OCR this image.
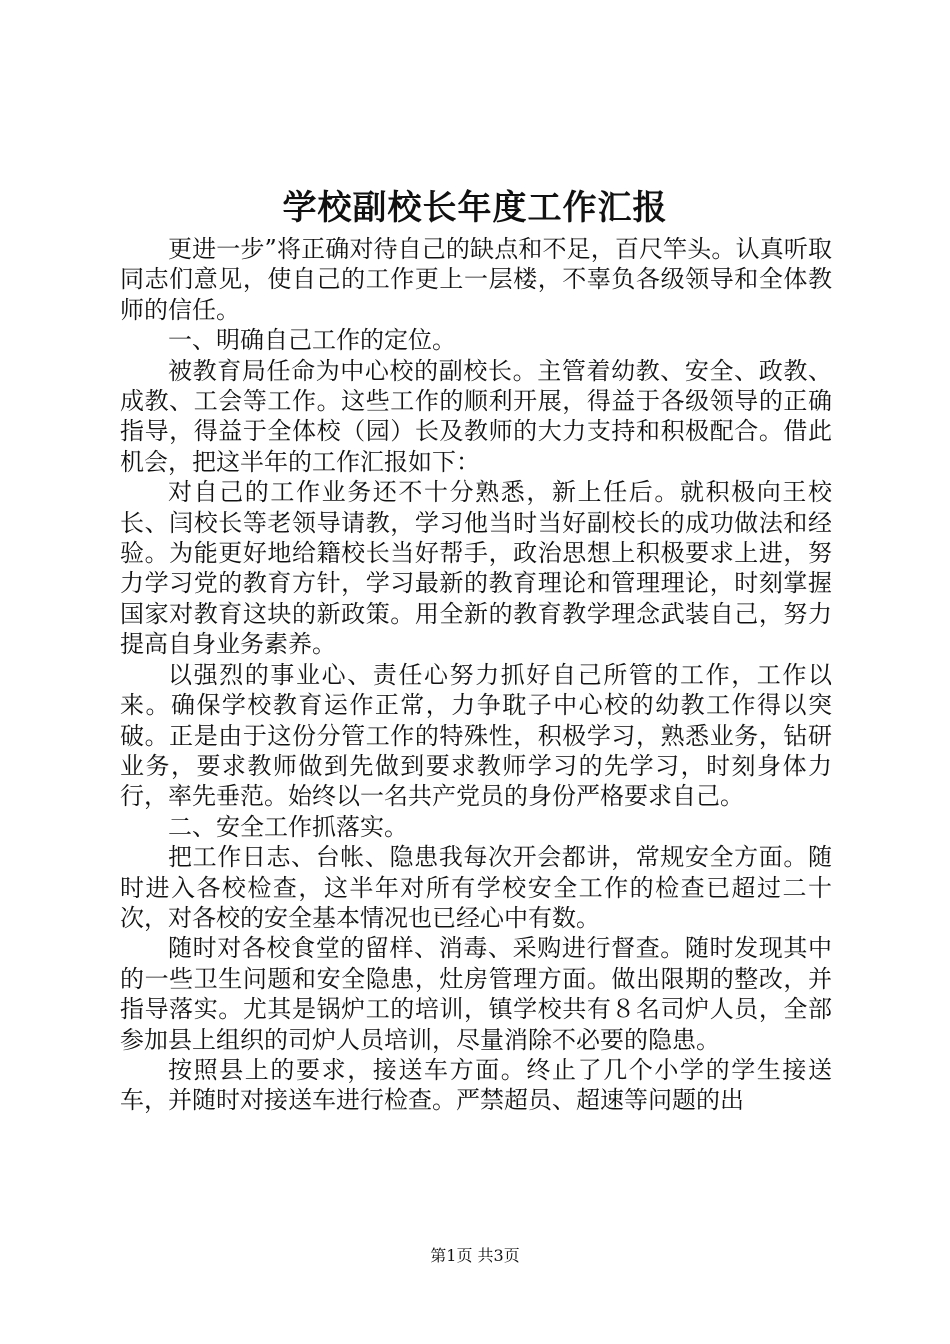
学校副校长年度工作汇报

更进一步”将正确对待自己的缺点和不足，百尺竿头。认真听取同志们意见，使自己的工作更上一层楼，不辜负各级领导和全体教师的信任。

一、明确自己工作的定位。

被教育局任命为中心校的副校长。主管着幼教、安全、政教、成教、工会等工作。这些工作的顺利开展，得益于各级领导的正确指导，得益于全体校（园）长及教师的大力支持和积极配合。借此机会，把这半年的工作汇报如下：

对自己的工作业务还不十分熟悉，新上任后。就积极向王校长、闫校长等老领导请教，学习他当时当好副校长的成功做法和经验。为能更好地给籍校长当好帮手，政治思想上积极要求上进，努力学习党的教育方针，学习最新的教育理论和管理理论，时刻掌握国家对教育这块的新政策。用全新的教育教学理念武装自己，努力提高自身业务素养。

以强烈的事业心、责任心努力抓好自己所管的工作，工作以来。确保学校教育运作正常，力争耽子中心校的幼教工作得以突破。正是由于这份分管工作的特殊性，积极学习，熟悉业务，钻研业务，要求教师做到先做到要求教师学习的先学习，时刻身体力行，率先垂范。始终以一名共产党员的身份严格要求自己。

二、安全工作抓落实。

把工作日志、台帐、隐患我每次开会都讲，常规安全方面。随时进入各校检查，这半年对所有学校安全工作的检查已超过二十次，对各校的安全基本情况也已经心中有数。

随时对各校食堂的留样、消毒、采购进行督查。随时发现其中的一些卫生问题和安全隐患，灶房管理方面。做出限期的整改，并指导落实。尤其是锅炉工的培训，镇学校共有８名司炉人员，全部参加县上组织的司炉人员培训，尽量消除不必要的隐患。

按照县上的要求，接送车方面。终止了几个小学的学生接送车，并随时对接送车进行检查。严禁超员、超速等问题的出

第1页 共3页
